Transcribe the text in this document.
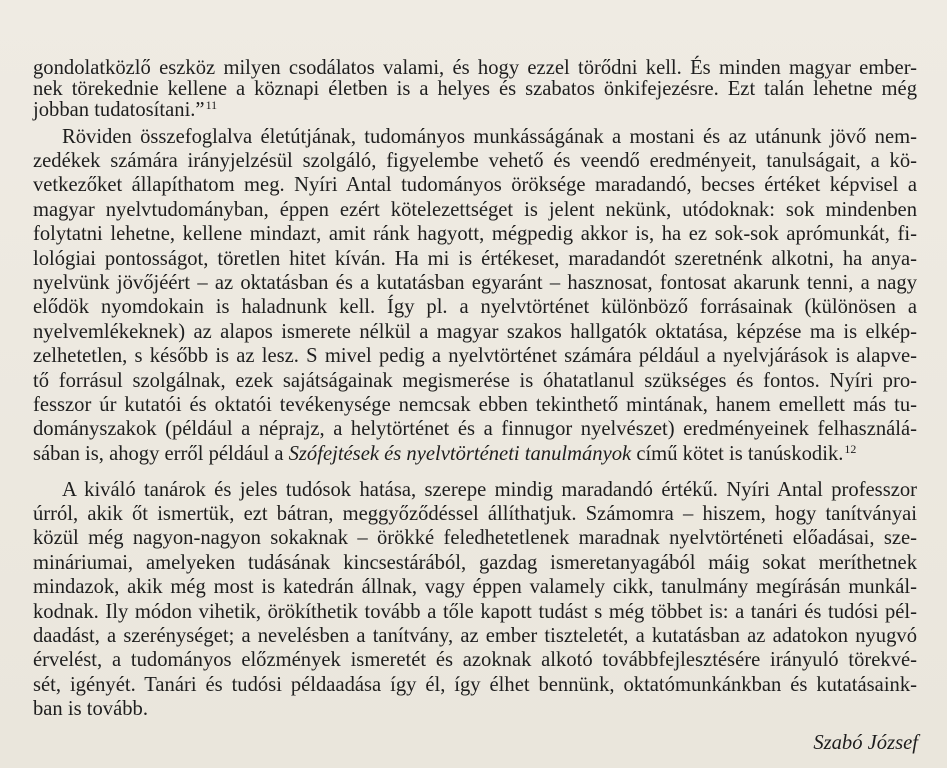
gondolatközlő eszköz milyen csodálatos valami, és hogy ezzel törődni kell. És minden magyar ember-
nek törekednie kellene a köznapi életben is a helyes és szabatos önkifejezésre. Ezt talán lehetne még
jobban tudatosítani.”$^{11}$
Röviden összefoglalva életútjának, tudományos munkásságának a mostani és az utánunk jövő nem-
zedékek számára irányjelzésül szolgáló, figyelembe vehető és veendő eredményeit, tanulságait, a kö-
vetkezőket állapíthatom meg. Nyíri Antal tudományos öröksége maradandó, becses értéket képvisel a
magyar nyelvtudományban, éppen ezért kötelezettséget is jelent nekünk, utódoknak: sok mindenben
folytatni lehetne, kellene mindazt, amit ránk hagyott, mégpedig akkor is, ha ez sok-sok aprómunkát, fi-
lológiai pontosságot, töretlen hitet kíván. Ha mi is értékeset, maradandót szeretnénk alkotni, ha anya-
nyelvünk jövőjéért – az oktatásban és a kutatásban egyaránt – hasznosat, fontosat akarunk tenni, a nagy
elődök nyomdokain is haladnunk kell. Így pl. a nyelvtörténet különböző forrásainak (különösen a
nyelvemlékeknek) az alapos ismerete nélkül a magyar szakos hallgatók oktatása, képzése ma is elkép-
zelhetetlen, s később is az lesz. S mivel pedig a nyelvtörténet számára például a nyelvjárások is alapve-
tő forrásul szolgálnak, ezek sajátságainak megismerése is óhatatlanul szükséges és fontos. Nyíri pro-
fesszor úr kutatói és oktatói tevékenysége nemcsak ebben tekinthető mintának, hanem emellett más tu-
dományszakok (például a néprajz, a helytörténet és a finnugor nyelvészet) eredményeinek felhasználá-
sában is, ahogy erről például a Szófejtések és nyelvtörténeti tanulmányok című kötet is tanúskodik.$^{12}$
A kiváló tanárok és jeles tudósok hatása, szerepe mindig maradandó értékű. Nyíri Antal professzor
úrról, akik őt ismertük, ezt bátran, meggyőződéssel állíthatjuk. Számomra – hiszem, hogy tanítványai
közül még nagyon-nagyon sokaknak – örökké feledhetetlenek maradnak nyelvtörténeti előadásai, sze-
mináriumai, amelyeken tudásának kincsestárából, gazdag ismeretanyagából máig sokat meríthetnek
mindazok, akik még most is katedrán állnak, vagy éppen valamely cikk, tanulmány megírásán munkál-
kodnak. Ily módon vihetik, örökíthetik tovább a tőle kapott tudást s még többet is: a tanári és tudósi pél-
daadást, a szerénységet; a nevelésben a tanítvány, az ember tiszteletét, a kutatásban az adatokon nyugvó
érvelést, a tudományos előzmények ismeretét és azoknak alkotó továbbfejlesztésére irányuló törekvé-
sét, igényét. Tanári és tudósi példaadása így él, így élhet bennünk, oktatómunkánkban és kutatásaink-
ban is tovább.
Szabó József
